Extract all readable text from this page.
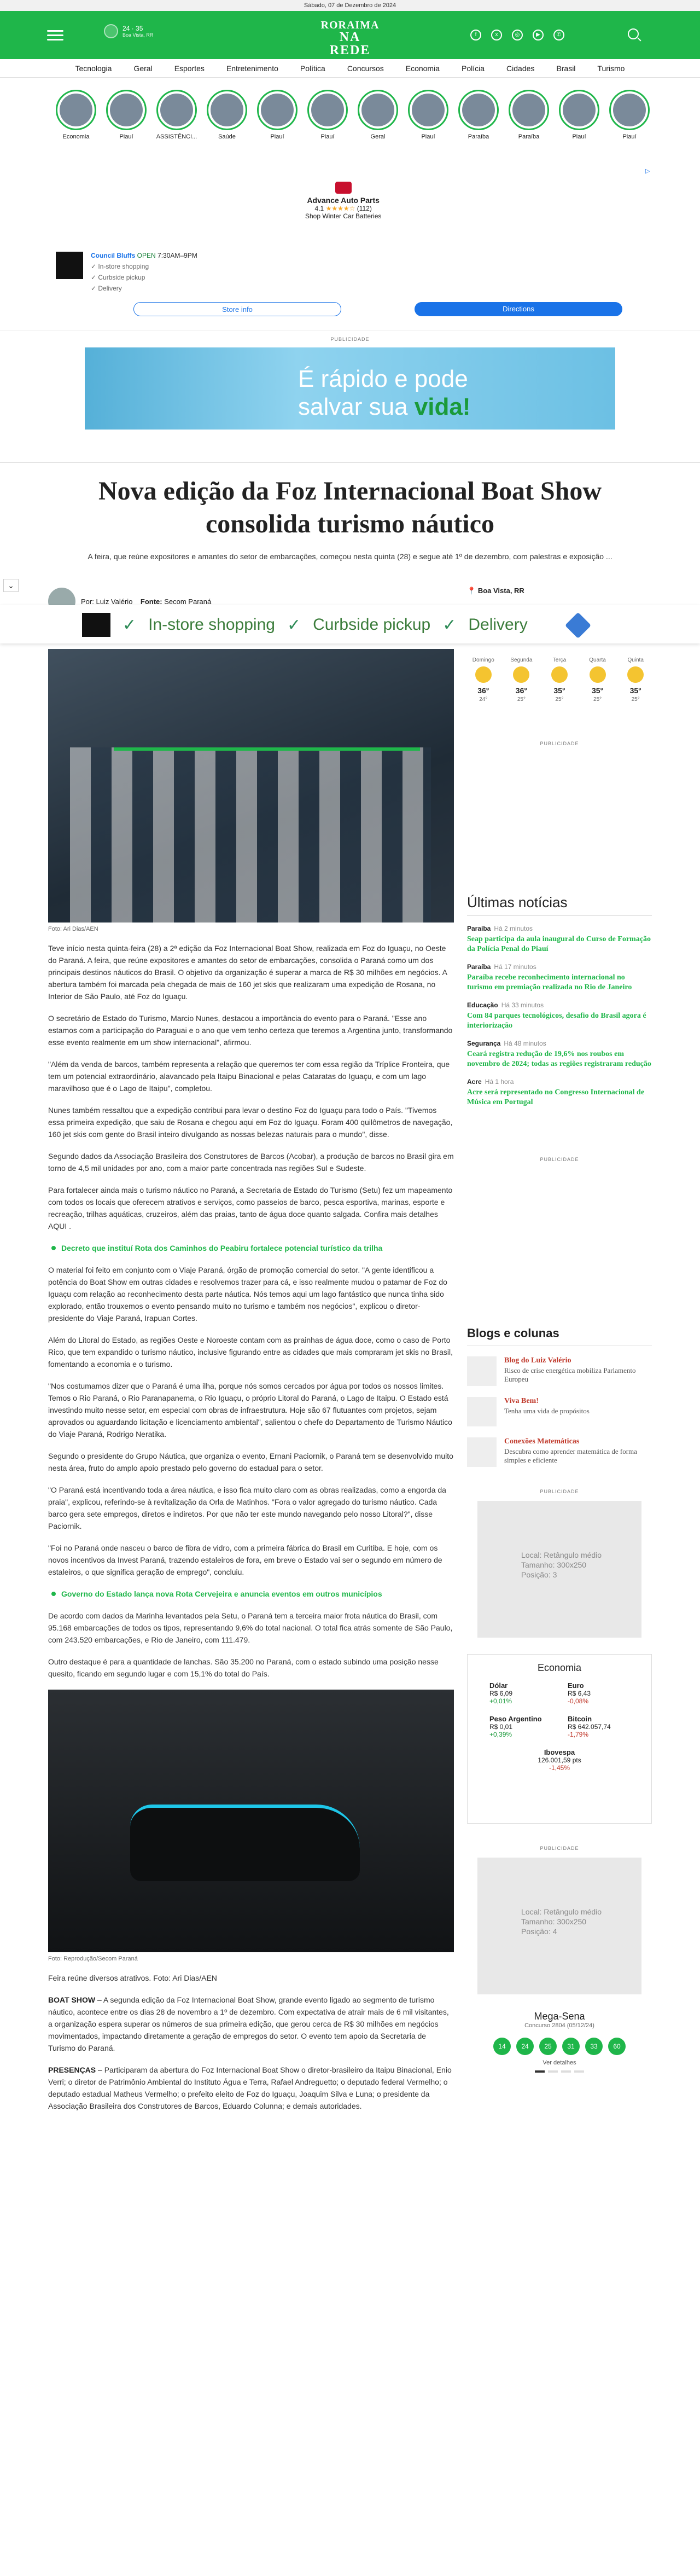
Sábado, 07 de Dezembro de 2024
24 · 35
Boa Vista, RR
RORAIMA
NA REDE
f	x	◎	▶	✆
Tecnologia	Geral	Esportes	Entretenimento	Política	Concursos	Economia	Polícia	Cidades	Brasil	Turismo
Economia	Piauí	ASSISTÊNCI...	Saúde	Piauí	Piauí	Geral	Piauí	Paraíba	Paraíba	Piauí	Piauí
▷
Advance Auto Parts
4.1 ★★★★☆ (112)
Shop Winter Car Batteries
Council Bluffs OPEN 7:30AM–9PM
✓ In-store shopping
✓ Curbside pickup
✓ Delivery
Store info	Directions
PUBLICIDADE
É rápido e pode
salvar sua vida!
Nova edição da Foz Internacional Boat Show consolida turismo náutico

A feira, que reúne expositores e amantes do setor de embarcações, começou nesta quinta (28) e segue até 1º de dezembro, com palestras e exposição ...

⌄
Por: Luiz Valério Fonte: Secom Paraná
✓ In-store shopping ✓ Curbside pickup ✓ Delivery
Foto: Ari Dias/AEN

Teve início nesta quinta-feira (28) a 2ª edição da Foz Internacional Boat Show, realizada em Foz do Iguaçu, no Oeste do Paraná. A feira, que reúne expositores e amantes do setor de embarcações, consolida o Paraná como um dos principais destinos náuticos do Brasil. O objetivo da organização é superar a marca de R$ 30 milhões em negócios. A abertura também foi marcada pela chegada de mais de 160 jet skis que realizaram uma expedição de Rosana, no Interior de São Paulo, até Foz do Iguaçu.

O secretário de Estado do Turismo, Marcio Nunes, destacou a importância do evento para o Paraná. "Esse ano estamos com a participação do Paraguai e o ano que vem tenho certeza que teremos a Argentina junto, transformando esse evento realmente em um show internacional", afirmou.

"Além da venda de barcos, também representa a relação que queremos ter com essa região da Tríplice Fronteira, que tem um potencial extraordinário, alavancado pela Itaipu Binacional e pelas Cataratas do Iguaçu, e com um lago maravilhoso que é o Lago de Itaipu", completou.

Nunes também ressaltou que a expedição contribui para levar o destino Foz do Iguaçu para todo o País. "Tivemos essa primeira expedição, que saiu de Rosana e chegou aqui em Foz do Iguaçu. Foram 400 quilômetros de navegação, 160 jet skis com gente do Brasil inteiro divulgando as nossas belezas naturais para o mundo", disse.

Segundo dados da Associação Brasileira dos Construtores de Barcos (Acobar), a produção de barcos no Brasil gira em torno de 4,5 mil unidades por ano, com a maior parte concentrada nas regiões Sul e Sudeste.

Para fortalecer ainda mais o turismo náutico no Paraná, a Secretaria de Estado do Turismo (Setu) fez um mapeamento com todos os locais que oferecem atrativos e serviços, como passeios de barco, pesca esportiva, marinas, esporte e recreação, trilhas aquáticas, cruzeiros, além das praias, tanto de água doce quanto salgada. Confira mais detalhes AQUI .

Decreto que instituí Rota dos Caminhos do Peabiru fortalece potencial turístico da trilha

O material foi feito em conjunto com o Viaje Paraná, órgão de promoção comercial do setor. "A gente identificou a potência do Boat Show em outras cidades e resolvemos trazer para cá, e isso realmente mudou o patamar de Foz do Iguaçu com relação ao reconhecimento desta parte náutica. Nós temos aqui um lago fantástico que nunca tinha sido explorado, então trouxemos o evento pensando muito no turismo e também nos negócios", explicou o diretor-presidente do Viaje Paraná, Irapuan Cortes.

Além do Litoral do Estado, as regiões Oeste e Noroeste contam com as prainhas de água doce, como o caso de Porto Rico, que tem expandido o turismo náutico, inclusive figurando entre as cidades que mais compraram jet skis no Brasil, fomentando a economia e o turismo.

"Nos costumamos dizer que o Paraná é uma ilha, porque nós somos cercados por água por todos os nossos limites. Temos o Rio Paraná, o Rio Paranapanema, o Rio Iguaçu, o próprio Litoral do Paraná, o Lago de Itaipu. O Estado está investindo muito nesse setor, em especial com obras de infraestrutura. Hoje são 67 flutuantes com projetos, sejam aprovados ou aguardando licitação e licenciamento ambiental", salientou o chefe do Departamento de Turismo Náutico do Viaje Paraná, Rodrigo Neratika.

Segundo o presidente do Grupo Náutica, que organiza o evento, Ernani Paciornik, o Paraná tem se desenvolvido muito nesta área, fruto do amplo apoio prestado pelo governo do estadual para o setor.

"O Paraná está incentivando toda a área náutica, e isso fica muito claro com as obras realizadas, como a engorda da praia", explicou, referindo-se à revitalização da Orla de Matinhos. "Fora o valor agregado do turismo náutico. Cada barco gera sete empregos, diretos e indiretos. Por que não ter este mundo navegando pelo nosso Litoral?", disse Paciornik.

"Foi no Paraná onde nasceu o barco de fibra de vidro, com a primeira fábrica do Brasil em Curitiba. E hoje, com os novos incentivos da Invest Paraná, trazendo estaleiros de fora, em breve o Estado vai ser o segundo em número de estaleiros, o que significa geração de emprego", concluiu.

Governo do Estado lança nova Rota Cervejeira e anuncia eventos em outros municípios

De acordo com dados da Marinha levantados pela Setu, o Paraná tem a terceira maior frota náutica do Brasil, com 95.168 embarcações de todos os tipos, representando 9,6% do total nacional. O total fica atrás somente de São Paulo, com 243.520 embarcações, e Rio de Janeiro, com 111.479.

Outro destaque é para a quantidade de lanchas. São 35.200 no Paraná, com o estado subindo uma posição nesse quesito, ficando em segundo lugar e com 15,1% do total do País.

Foto: Reprodução/Secom Paraná

Feira reúne diversos atrativos. Foto: Ari Dias/AEN

BOAT SHOW – A segunda edição da Foz Internacional Boat Show, grande evento ligado ao segmento de turismo náutico, acontece entre os dias 28 de novembro a 1º de dezembro. Com expectativa de atrair mais de 6 mil visitantes, a organização espera superar os números de sua primeira edição, que gerou cerca de R$ 30 milhões em negócios movimentados, impactando diretamente a geração de empregos do setor. O evento tem apoio da Secretaria de Turismo do Paraná.

PRESENÇAS – Participaram da abertura do Foz Internacional Boat Show o diretor-brasileiro da Itaipu Binacional, Enio Verri; o diretor de Patrimônio Ambiental do Instituto Água e Terra, Rafael Andreguetto; o deputado federal Vermelho; o deputado estadual Matheus Vermelho; o prefeito eleito de Foz do Iguaçu, Joaquim Silva e Luna; o presidente da Associação Brasileira dos Construtores de Barcos, Eduardo Colunna; e demais autoridades.

📍 Boa Vista, RR
Domingo
36°
24°
Segunda
36°
25°
Terça
35°
25°
Quarta
35°
25°
Quinta
35°
25°
PUBLICIDADE
Últimas notícias
Paraíba Há 2 minutos
Seap participa da aula inaugural do Curso de Formação da Polícia Penal do Piauí
Paraíba Há 17 minutos
Paraíba recebe reconhecimento internacional no turismo em premiação realizada no Rio de Janeiro
Educação Há 33 minutos
Com 84 parques tecnológicos, desafio do Brasil agora é interiorização
Segurança Há 48 minutos
Ceará registra redução de 19,6% nos roubos em novembro de 2024; todas as regiões registraram redução
Acre Há 1 hora
Acre será representado no Congresso Internacional de Música em Portugal
PUBLICIDADE
Blogs e colunas
Blog do Luiz Valério
Risco de crise energética mobiliza Parlamento Europeu
Viva Bem!
Tenha uma vida de propósitos
Conexões Matemáticas
Descubra como aprender matemática de forma simples e eficiente
PUBLICIDADE
Local: Retângulo médio
Tamanho: 300x250
Posição: 3
Economia
Dólar
R$ 6,09
+0,01%
Euro
R$ 6,43
-0,08%
Peso Argentino
R$ 0,01
+0,39%
Bitcoin
R$ 642.057,74
-1,79%
Ibovespa
126.001,59 pts
-1,45%
PUBLICIDADE
Local: Retângulo médio
Tamanho: 300x250
Posição: 4
Mega-Sena
Concurso 2804 (05/12/24)
14	24	25	31	33	60
Ver detalhes
